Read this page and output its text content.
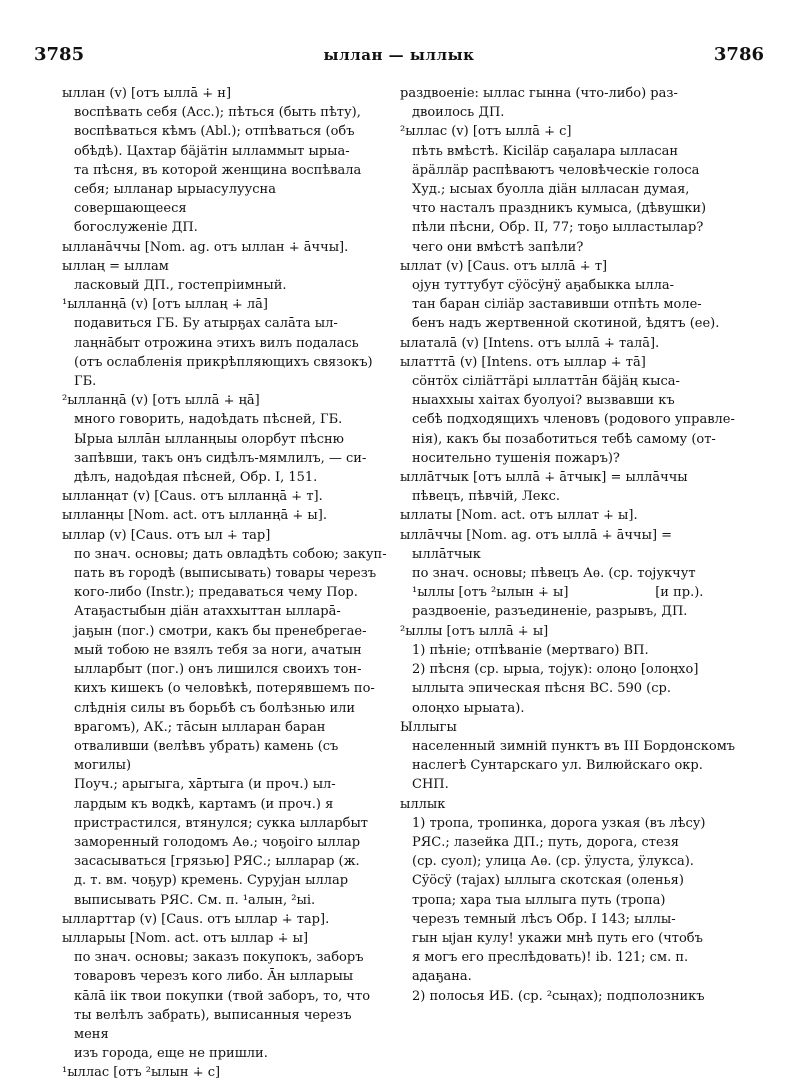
3785	ыллан — ыллык	3786
ыллан (v) [отъ ыллā ∔ н]
воспѣвать себя (Acc.); пѣться (быть пѣту), воспѣваться кѣмъ (Abl.); отпѣваться (объ
обѣдѣ). Цахтар бäjäтiн ылламмыт ырыа-
та пѣсня, въ которой женщина воспѣвала
себя; ылланар ырыасулуусна совершающееся
богослуженіе ДП.
ылланāччы [Nom. ag. отъ ыллан ∔ āччы].
ыллаң = ыллам
ласковый ДП., гостепріимный.
¹ылланңā (v) [отъ ыллаң ∔ лā]
подавиться ГБ. Бу атырҕах салāта ыл-
лаңнāбыт отрожина этихъ вилъ подалась
(отъ ослабленія прикрѣпляющихъ связокъ) ГБ.
²ылланңā (v) [отъ ыллā ∔ ңā]
много говорить, надоѣдать пѣсней, ГБ.
Ырыа ыллāн ылланңыы олорбут пѣсню
запѣвши, такъ онъ сидѣлъ-мямлилъ, — си-
дѣлъ, надоѣдая пѣсней, Обр. I, 151.
ылланңат (v) [Caus. отъ ылланңā ∔ т].
ылланңы [Nom. act. отъ ылланңā ∔ ы].
ыллар (v) [Caus. отъ ыл ∔ тар]
по знач. основы; дать овладѣть собою; закуп-
пать въ городѣ (выписывать) товары черезъ
кого-либо (Instr.); предаваться чему Пор.
Атаҕастыбын дiäн атаххыттан ылларā-
jаҕын (пог.) смотри, какъ бы пренебрегае-
мый тобою не взялъ тебя за ноги, ачатын
ылларбыт (пог.) онъ лишился своихъ тон-
кихъ кишекъ (о человѣкѣ, потерявшемъ по-
слѣднія силы въ борьбѣ съ болѣзнью или
врагомъ), АК.; тāсын ылларан баран
отваливши (велѣвъ убрать) камень (съ могилы)
Поуч.; арыгыга, хāртыга (и проч.) ыл-
лардым къ водкѣ, картамъ (и проч.) я
пристрастился, втянулся; сукка ылларбыт
заморенный голодомъ Аѳ.; чоҕоiго ыллар
засасываться [грязью] РЯС.; ылларар (ж.
д. т. вм. чоҕур) кремень. Сурујан ыллар
выписывать РЯС. См. п. ¹алын, ²ыі.
ылларттар (v) [Caus. отъ ыллар ∔ тар].
ылларыы [Nom. act. отъ ыллар ∔ ы]
по знач. основы; заказъ покупокъ, заборъ
товаровъ черезъ кого либо. Āн ылларыы
кāлā iiк твои покупки (твой заборъ, то, что
ты велѣлъ забрать), выписанныя черезъ меня
изъ города, еще не пришли.
¹ыллас [отъ ²ылын ∔ с]
раздвоеніе: ыллас гынна (что-либо) раз-
двоилось ДП.
²ыллас (v) [отъ ыллā ∔ с]
пѣть вмѣстѣ. Кiсiläр саҕалара ылласан
äрäллäр распѣваютъ человѣческіе голоса
Худ.; ысыах буолла дiäн ылласан думая,
что насталъ праздникъ кумыса, (дѣвушки)
пѣли пѣсни, Обр. II, 77; тоҕо ылластылар?
чего они вмѣстѣ запѣли?
ыллат (v) [Caus. отъ ыллā ∔ т]
оjун туттубут сÿöсÿнÿ аҕабыкка ылла-
тан баран сiлiäр заставивши отпѣть моле-
бенъ надъ жертвенной скотиной, ѣдятъ (ее).
ылаталā (v) [Intens. отъ ыллā ∔ талā].
ылатттā (v) [Intens. отъ ыллар ∔ тā]
сöнтöх сiлiäттäрi ыллаттāн бäjäң кыса-
ныаххыы хаiтах буолуоi? вызвавши къ
себѣ подходящихъ членовъ (родового управле-
нія), какъ бы позаботиться тебѣ самому (от-
носительно тушенія пожаръ)?
ыллāтчык [отъ ыллā ∔ āтчык] = ыллāччы
пѣвецъ, пѣвчій, Лекс.
ыллаты [Nom. act. отъ ыллат ∔ ы].
ыллāччы [Nom. ag. отъ ыллā ∔ āччы] =
ыллāтчык
по знач. основы; пѣвецъ Аѳ. (ср. тојукчут
¹ыллы [отъ ²ылын ∔ ы]                     [и пр.).
раздвоеніе, разъединеніе, разрывъ, ДП.
²ыллы [отъ ыллā ∔ ы]
1) пѣніе; отпѣваніе (мертваго) ВП.
2) пѣсня (ср. ырыа, тојук): олоңо [олоңхо]
ыллыта эпическая пѣсня ВС. 590 (ср.
олоңхо ырыата).
Ыллыгы
населенный зимній пунктъ въ III Бордонскомъ
наслегѣ Сунтарскаго ул. Вилюйскаго окр.
СНП.
ыллык
1) тропа, тропинка, дорога узкая (въ лѣсу)
РЯС.; лазейка ДП.; путь, дорога, стезя
(ср. суол); улица Аѳ. (ср. ÿлуста, ÿлукса).
Сÿöсÿ (таjах) ыллыга скотская (оленья)
тропа; хара тыа ыллыга путь (тропа)
черезъ темный лѣсъ Обр. I 143; ыллы-
гын ыjан кулу! укажи мнѣ путь его (чтобъ
я могъ его преслѣдовать)! ib. 121; см. п.
адаҕана.
2) полосья ИБ. (ср. ²сыңах); подполозникъ
